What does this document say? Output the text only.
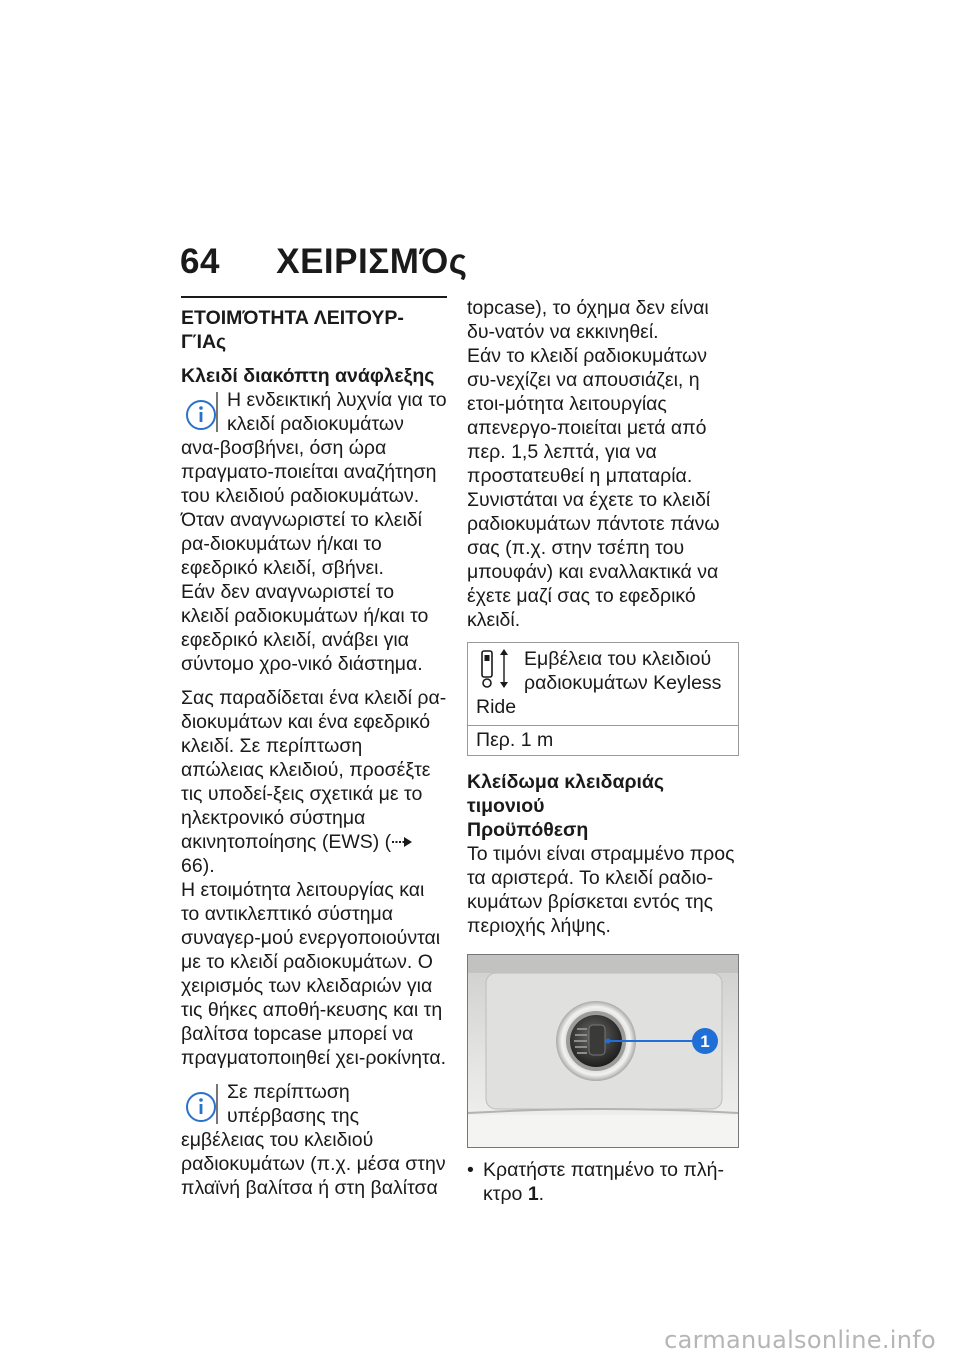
64 ΧΕΙΡΙΣΜΌς
ΕΤΟΙΜΌΤΗΤΑ ΛΕΙΤΟΥΡ-ΓΊΑς
Κλειδί διακόπτη ανάφλεξης

Η ενδεικτική λυχνία για το κλειδί ραδιοκυμάτων ανα-βοσβήνει, όση ώρα πραγματο-ποιείται αναζήτηση του κλειδιού ραδιοκυμάτων.

Όταν αναγνωριστεί το κλειδί ρα-διοκυμάτων ή/και το εφεδρικό κλειδί, σβήνει.

Εάν δεν αναγνωριστεί το κλειδί ραδιοκυμάτων ή/και το εφεδρικό κλειδί, ανάβει για σύντομο χρο-νικό διάστημα.

Σας παραδίδεται ένα κλειδί ρα-διοκυμάτων και ένα εφεδρικό κλειδί. Σε περίπτωση απώλειας κλειδιού, προσέξτε τις υποδεί-ξεις σχετικά με το ηλεκτρονικό σύστημα ακινητοποίησης (EWS) ( 66).

Η ετοιμότητα λειτουργίας και το αντικλεπτικό σύστημα συναγερ-μού ενεργοποιούνται με το κλειδί ραδιοκυμάτων. Ο χειρισμός των κλειδαριών για τις θήκες αποθή-κευσης και τη βαλίτσα topcase μπορεί να πραγματοποιηθεί χει-ροκίνητα.

Σε περίπτωση υπέρβασης της εμβέλειας του κλειδιού ραδιοκυμάτων (π.χ. μέσα στην πλαϊνή βαλίτσα ή στη βαλίτσα

topcase), το όχημα δεν είναι δυ-νατόν να εκκινηθεί.

Εάν το κλειδί ραδιοκυμάτων συ-νεχίζει να απουσιάζει, η ετοι-μότητα λειτουργίας απενεργο-ποιείται μετά από περ. 1,5 λεπτά, για να προστατευθεί η μπαταρία.

Συνιστάται να έχετε το κλειδί ραδιοκυμάτων πάντοτε πάνω σας (π.χ. στην τσέπη του μπουφάν) και εναλλακτικά να έχετε μαζί σας το εφεδρικό κλειδί.

Εμβέλεια του κλειδιού ραδιοκυμάτων Keyless Ride
Περ. 1 m
Κλείδωμα κλειδαριάς τιμονιού
Προϋπόθεση

Το τιμόνι είναι στραμμένο προς τα αριστερά. Το κλειδί ραδιο-κυμάτων βρίσκεται εντός της περιοχής λήψης.

1
• Κρατήστε πατημένο το πλή-κτρο 1.
carmanualsonline.info
